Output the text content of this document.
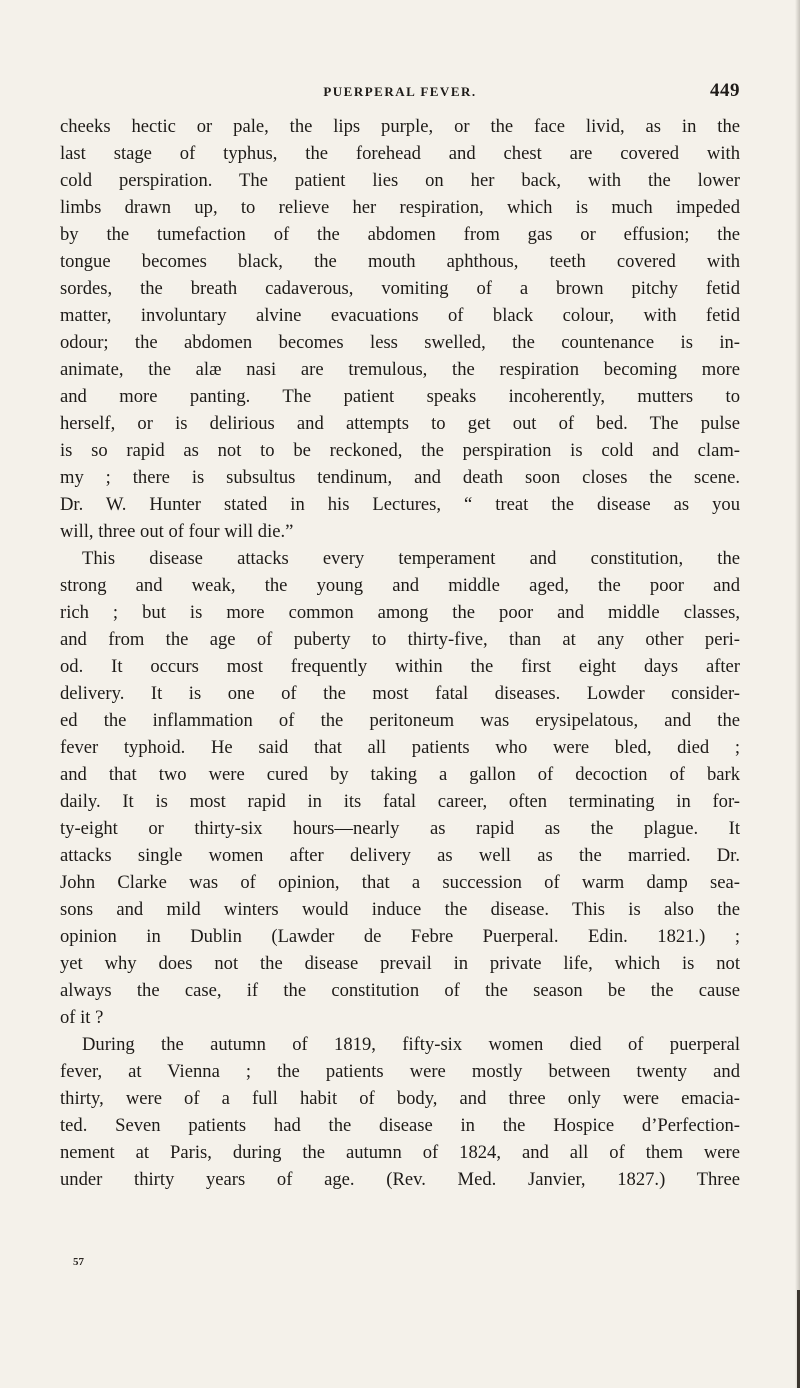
PUERPERAL FEVER.	449
cheeks hectic or pale, the lips purple, or the face livid, as in the
last stage of typhus, the forehead and chest are covered with
cold perspiration. The patient lies on her back, with the lower
limbs drawn up, to relieve her respiration, which is much impeded
by the tumefaction of the abdomen from gas or effusion; the
tongue becomes black, the mouth aphthous, teeth covered with
sordes, the breath cadaverous, vomiting of a brown pitchy fetid
matter, involuntary alvine evacuations of black colour, with fetid
odour; the abdomen becomes less swelled, the countenance is in-
animate, the alæ nasi are tremulous, the respiration becoming more
and more panting. The patient speaks incoherently, mutters to
herself, or is delirious and attempts to get out of bed. The pulse
is so rapid as not to be reckoned, the perspiration is cold and clam-
my ; there is subsultus tendinum, and death soon closes the scene.
Dr. W. Hunter stated in his Lectures, “ treat the disease as you
will, three out of four will die.”
This disease attacks every temperament and constitution, the
strong and weak, the young and middle aged, the poor and
rich ; but is more common among the poor and middle classes,
and from the age of puberty to thirty-five, than at any other peri-
od. It occurs most frequently within the first eight days after
delivery. It is one of the most fatal diseases. Lowder consider-
ed the inflammation of the peritoneum was erysipelatous, and the
fever typhoid. He said that all patients who were bled, died ;
and that two were cured by taking a gallon of decoction of bark
daily. It is most rapid in its fatal career, often terminating in for-
ty-eight or thirty-six hours—nearly as rapid as the plague. It
attacks single women after delivery as well as the married. Dr.
John Clarke was of opinion, that a succession of warm damp sea-
sons and mild winters would induce the disease. This is also the
opinion in Dublin (Lawder de Febre Puerperal. Edin. 1821.) ;
yet why does not the disease prevail in private life, which is not
always the case, if the constitution of the season be the cause
of it ?
During the autumn of 1819, fifty-six women died of puerperal
fever, at Vienna ; the patients were mostly between twenty and
thirty, were of a full habit of body, and three only were emacia-
ted. Seven patients had the disease in the Hospice d’Perfection-
nement at Paris, during the autumn of 1824, and all of them were
under thirty years of age. (Rev. Med. Janvier, 1827.) Three
57
